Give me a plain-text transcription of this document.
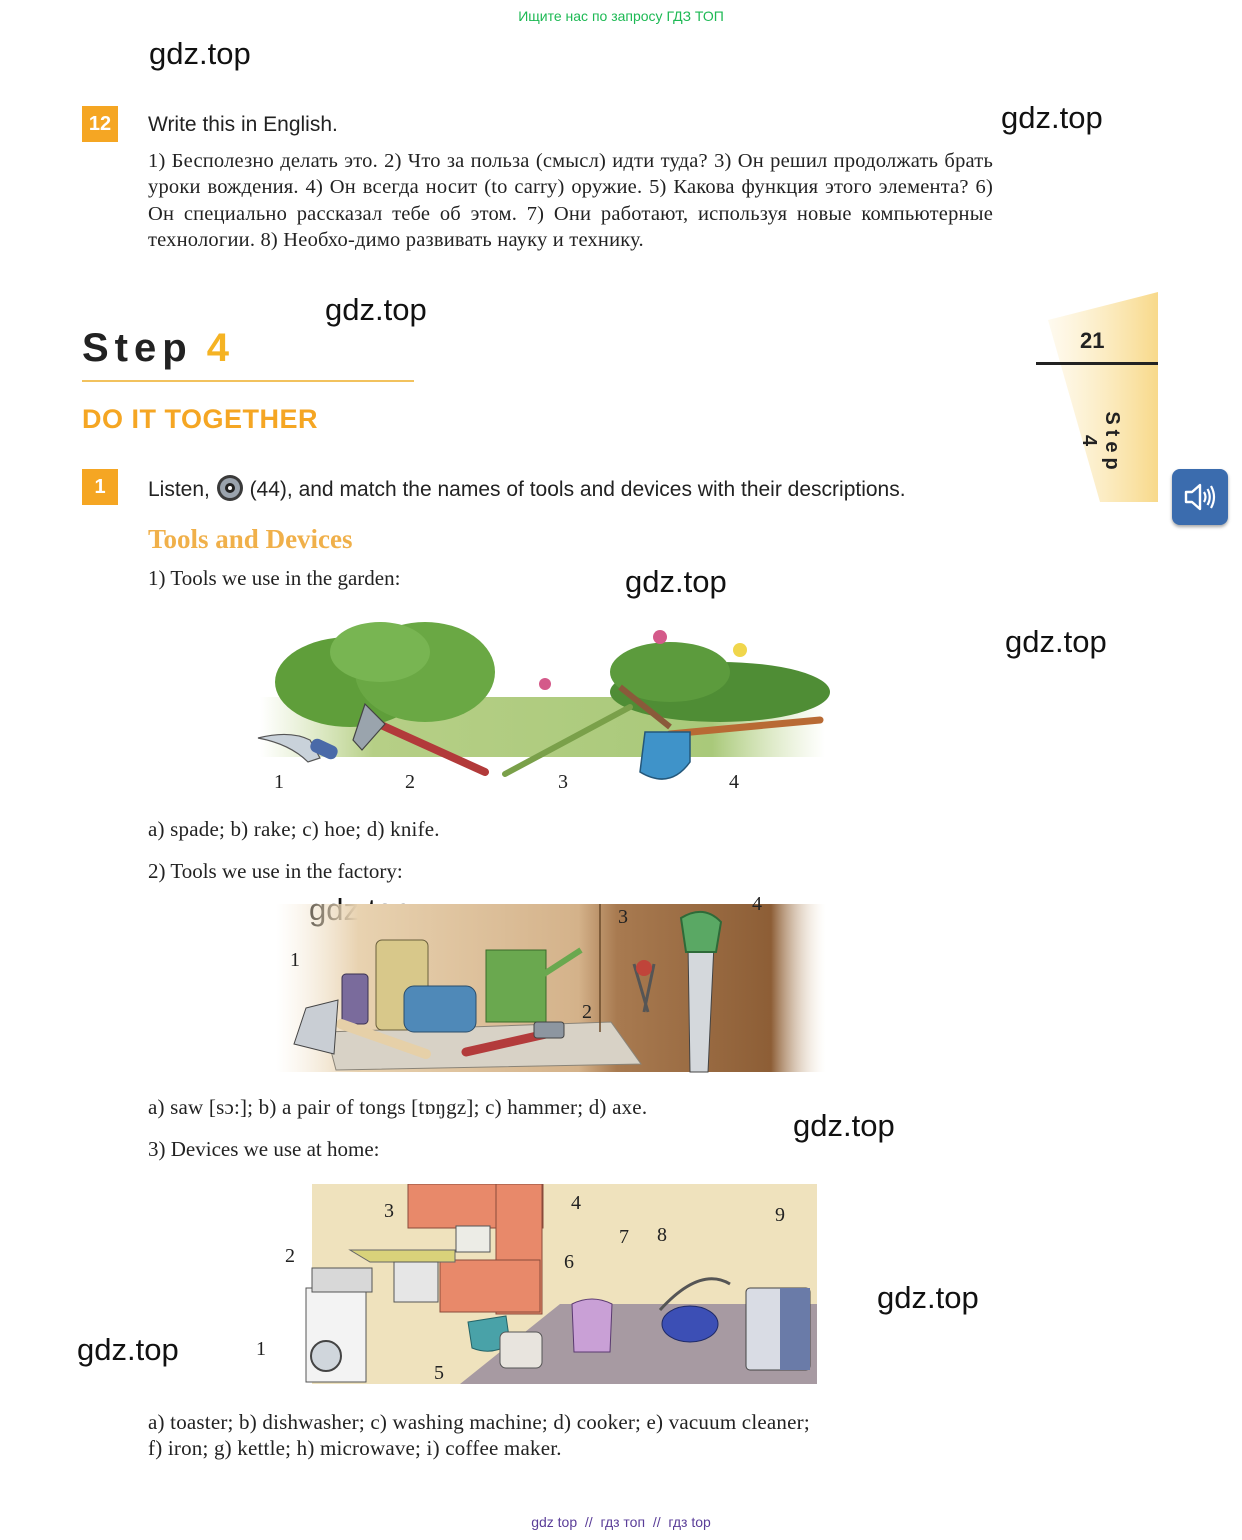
Ищите нас по запросу ГДЗ ТОП
gdz.top
gdz.top
gdz.top
gdz.top
gdz.top
gdz.top
gdz.top
gdz.top
12	Write this in English.
1) Бесполезно делать это. 2) Что за польза (смысл) идти туда? 3) Он решил продолжать брать уроки вождения. 4) Он всегда носит (to carry) оружие. 5) Какова функция этого элемента? 6) Он специально рассказал тебе об этом. 7) Они работают, используя новые компьютерные технологии. 8) Необхо-димо развивать науку и технику.
Step 4
DO IT TOGETHER
21
Step 4
1	Listen, (44), and match the names of tools and devices with their descriptions.
Tools and Devices
1) Tools we use in the garden:
1	2	3	4
a) spade; b) rake; c) hoe; d) knife.
2) Tools we use in the factory:
1
2
3
4
a) saw [sɔ:]; b) a pair of tongs [tɒŋgz]; c) hammer; d) axe.
3) Devices we use at home:
1
2
3	4
5
6
7 8
9
a) toaster; b) dishwasher; c) washing machine; d) cooker; e) vacuum cleaner;
f) iron; g) kettle; h) microwave; i) coffee maker.
gdz top  //  гдз топ  //  гдз top
